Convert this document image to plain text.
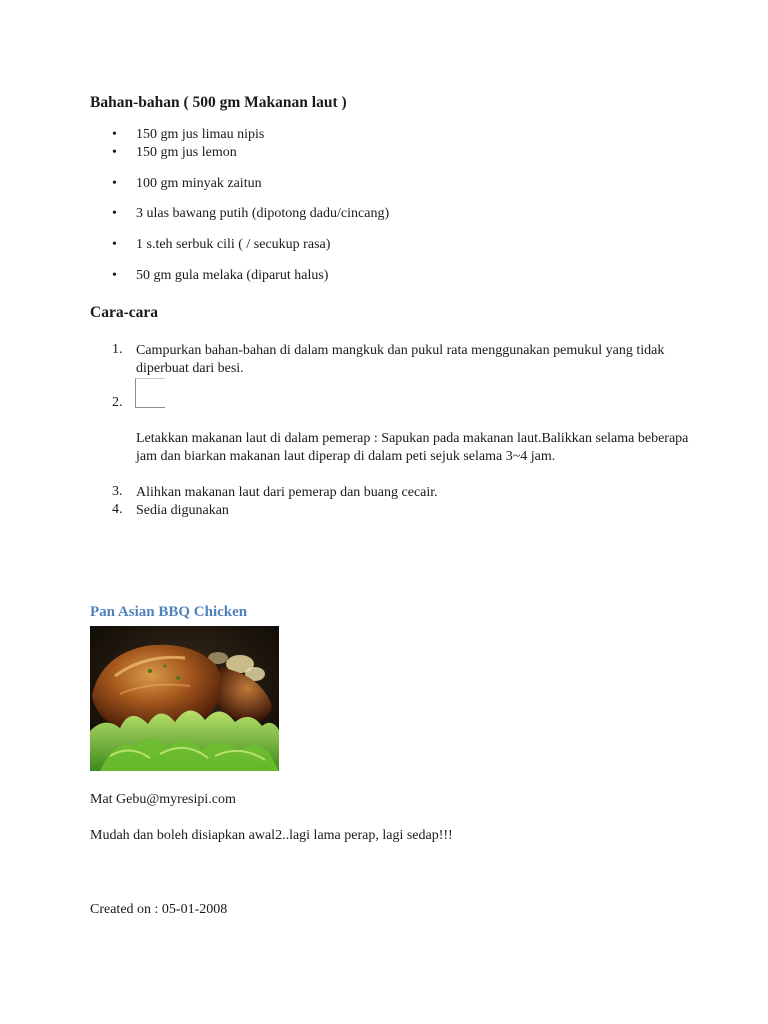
Bahan-bahan ( 500 gm Makanan laut )
•	150 gm jus limau nipis
•	150 gm jus lemon
•	100 gm minyak zaitun
•	3 ulas bawang putih (dipotong dadu/cincang)
•	1 s.teh serbuk cili ( / secukup rasa)
•	50 gm gula melaka (diparut halus)
Cara-cara
1. Campurkan bahan-bahan di dalam mangkuk dan pukul rata menggunakan pemukul yang tidak diperbuat dari besi.
2.
Letakkan makanan laut di dalam pemerap : Sapukan pada makanan laut.Balikkan selama beberapa jam dan biarkan makanan laut diperap di dalam peti sejuk selama 3~4 jam.
3. Alihkan makanan laut dari pemerap dan buang cecair.
4. Sedia digunakan
Pan Asian BBQ Chicken
Mat Gebu@myresipi.com
Mudah dan boleh disiapkan awal2..lagi lama perap, lagi sedap!!!
Created on : 05-01-2008
